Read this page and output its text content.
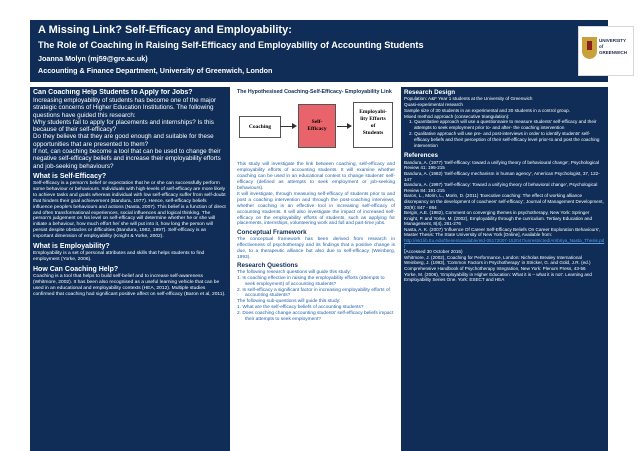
A Missing Link? Self-Efficacy and Employability:
The Role of Coaching in Raising Self-Efficacy and Employability of Accounting Students
Joanna Molyn (mj59@gre.ac.uk)
Accounting & Finance Department, University of Greenwich, London
UNIVERSITY
of
GREENWICH

Can Coaching Help Students to Apply for Jobs?

Increasing employability of students has become one of the major strategic concerns of Higher Education Institutions. The following questions have guided this research:

Why students fail to apply for placements and internships? Is this because of their self-efficacy?

Do they believe that they are good enough and suitable for these opportunities that are presented to them?

If not, can coaching become a tool that can be used to change their negative self-efficacy beliefs and increase their employability efforts and job-seeking behaviours?

What is Self-Efficacy?

Self-efficacy is a person's belief or expectation that he or she can successfully perform some behaviour or behaviours. Individuals with high-levels of self-efficacy are more likely to achieve tasks and goals whereas individual with low self-efficacy suffer from self-doubt that hinders their goal achievement (Bandura, 1977). Hence, self-efficacy beliefs influence people's behaviours and actions (Nasta, 2007). This belief is a function of direct and often transformational experiences, social influences and logical thinking. The person's judgement on his level on self-efficacy will determine whether he or she will initiate a behaviour, how much effort he/ she will put into it, how long the person will persist despite obstacles or difficulties (Bandura, 1982, 1997). Self-efficacy is an important dimension of employability (Knight & Yorke, 2002).

What is Employability?

Employability is a set of personal attributes and skills that helps students to find employment (Yorke, 2006).

How Can Coaching Help?

Coaching is a tool that helps to build self-belief and to increase self-awareness (Whitmore, 2002). It has been also recognised as a useful learning vehicle that can be used in an educational and employability contexts (HEA, 2012). Multiple studies confirmed that coaching had significant positive affect on self-efficacy (Baron et al, 2011).

The Hypothesised Coaching-Self-Efficacy- Employability Link

Coaching
Self-
Efficacy
Employabi-
lity Efforts
of
Students

This study will investigate the link between coaching, self-efficacy and employability efforts of accounting students. It will examine whether coaching can be used in an educational context to change students' self-efficacy (defined as attempts to seek employment or job-seeking behaviours).

It will investigate, through measuring self-efficacy of students prior to and post a coaching intervention and through the post-coaching interviews, whether coaching is an effective tool in increasing self-efficacy of accounting students. It will also investigate the impact of increased self-efficacy on the employability efforts of students, such as applying for placements, internships, volunteering work and full and part-time jobs.

Conceptual Framework

The conceptual framework has been derived from research in effectiveness of psychotherapy and its findings that a positive change is due, to a therapeutic alliance but also due to self-efficacy (Weinberg, 1993).

Research Questions

The following research questions will guide this study:

1. Is coaching effective in raising the employability efforts (attempts to seek employment) of accounting students?

2. Is self-efficacy a significant factor in increasing employability efforts of accounting students?

The following sub-questions will guide this study:

1. What are the self-efficacy beliefs of accounting students?

2. Does coaching change accounting students' self-efficacy beliefs impact their attempts to seek employment?

Research Design

Population: A&F Year 1 students at the University of Greenwich

Quasi-experimental research

Sample size of 30 students in an experimental and 30 students in a control group.

Mixed method approach (consecutive triangulation):

1. Quantitative approach will use a questionnaire to measure students' self-efficacy and their attempts to seek employment prior to- and after- the coaching intervention

2. Qualitative approach will use pre- and post-interviews in order to identify students' self-efficacy beliefs and their perception of their self-efficacy level prior-to and post the coaching intervention

References

Bandura, A. (1977) 'Self-efficacy: toward a unifying theory of behavioural change', Psychological Review 41: 195-215

Bandura, A. (1982) 'Self-efficacy mechanism in human agency', American Psychologist, 37, 122-147

Bandura, A. (1997) 'Self-efficacy: Toward a unifying theory of behavioral change', Psychological Review 84: 191-215

Baron, L., Morin, L., Morin, D. (2011) 'Executive coaching: The effect of working alliance discrepancy on the development of coachees' self-efficacy', Journal of Management Development, 30(9): 847 - 864

Bergin, A.E. (1982), Comment on converging themes in psychotherapy, New York: Springer

Knight, P. and Yorke, M. (2002), Employability through the curriculum. Tertiary Education and Management, 8(4), 261-276

Nasta, A. K. (2007) 'Influence Of Career Self-Efficacy Beliefs On Career Exploration Behaviours', Master Thesis: The State University of New York [Online], Available from:

http://etd.lib.ttu.edu/theses/available/etd-05172007-152047/unrestricted/Ambriya_Nasta_Thesis.pdf

(Accessed 30 October 2015)

Whitmore, J. (2002), Coaching for Performance, London: Nicholas Brealey International

Weinberg, J. (1993), 'Common Factors in Psychotherapy' in Stricker, G. and Gold, J.R. (ed.) Comprehensive Handbook of Psychotherapy Integration, New York: Plenum Press, 43-56

Yorke, M. (2006), 'Employability in Higher Education: What it is – what it is not'. Learning and Employability Series One. York: ESECT and HEA
